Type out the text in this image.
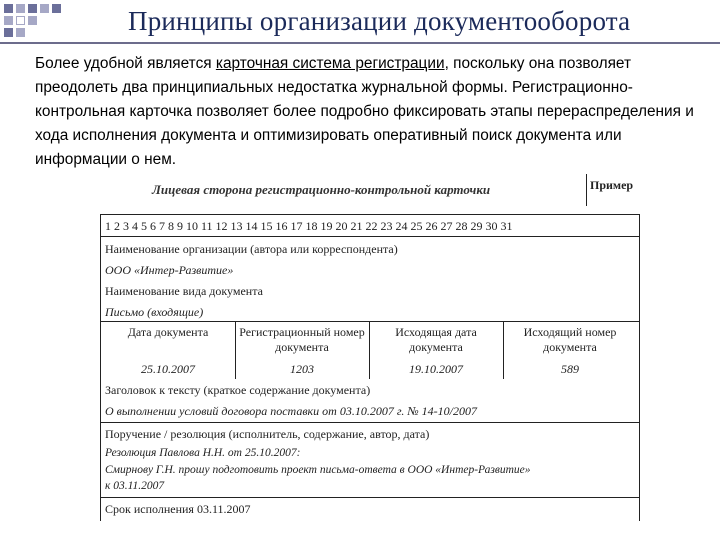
Принципы организации документооборота
Более удобной является карточная система регистрации, поскольку она позволяет преодолеть два принципиальных недостатка журнальной формы. Регистрационно-контрольная карточка позволяет более подробно фиксировать этапы перераспределения и хода исполнения документа и оптимизировать оперативный поиск документа или информации о нем.
Лицевая сторона регистрационно-контрольной карточки	Пример
1 2 3 4 5 6 7 8 9 10 11 12 13 14 15 16 17 18 19 20 21 22 23 24 25 26 27 28 29 30 31
Наименование организации (автора или корреспондента)
ООО «Интер-Развитие»
Наименование вида документа
Письмо (входящие)
Дата документа
25.10.2007
Регистрационный номер документа
1203
Исходящая дата документа
19.10.2007
Исходящий номер документа
589
Заголовок к тексту (краткое содержание документа)
О выполнении условий договора поставки от 03.10.2007 г. № 14-10/2007
Поручение / резолюция (исполнитель, содержание, автор, дата)
Резолюция Павлова Н.Н. от 25.10.2007:
Смирнову Г.Н. прошу подготовить проект письма-ответа в ООО «Интер-Развитие»
к 03.11.2007
Срок исполнения 03.11.2007
